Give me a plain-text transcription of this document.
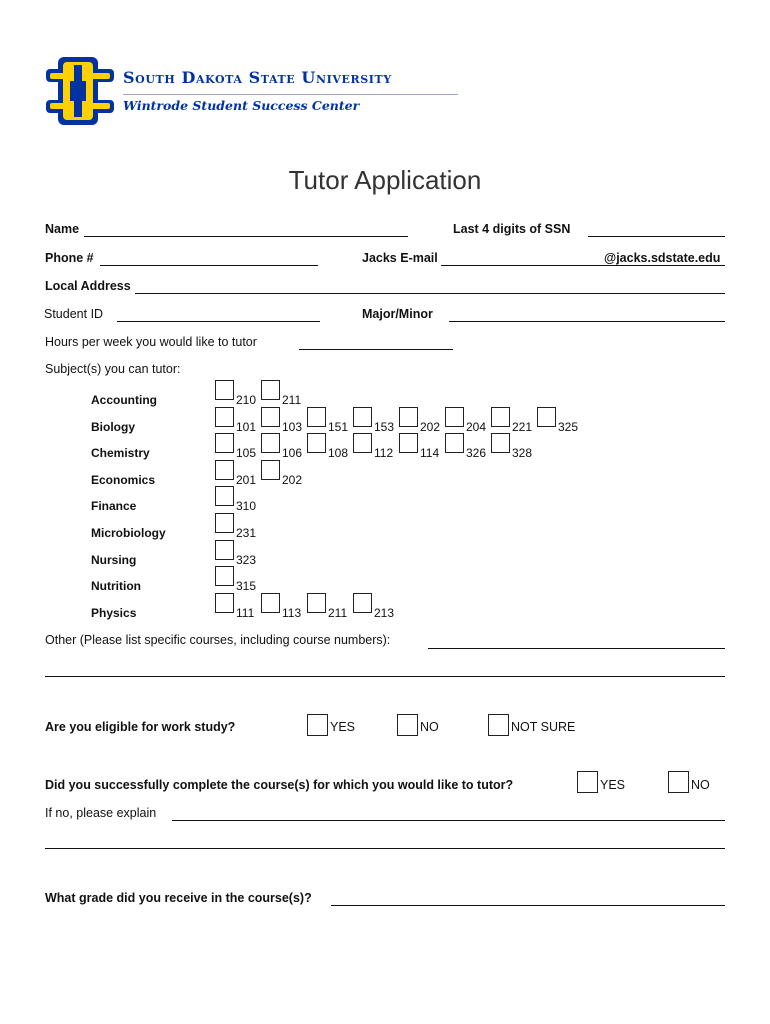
South Dakota State University
Wintrode Student Success Center
Tutor Application
Name	Last 4 digits of SSN
Phone #	Jacks E-mail	@jacks.sdstate.edu
Local Address
Student ID	Major/Minor
Hours per week you would like to tutor
Subject(s) you can tutor:
Accounting	210 211
Biology	101 103 151 153 202 204 221 325
Chemistry	105 106 108 112 114 326 328
Economics	201 202
Finance	310
Microbiology	231
Nursing	323
Nutrition	315
Physics	111 113 211 213
Other (Please list specific courses, including course numbers):
Are you eligible for work study?	YES	NO	NOT SURE
Did you successfully complete the course(s) for which you would like to tutor?	YES	NO
If no, please explain
What grade did you receive in the course(s)?
